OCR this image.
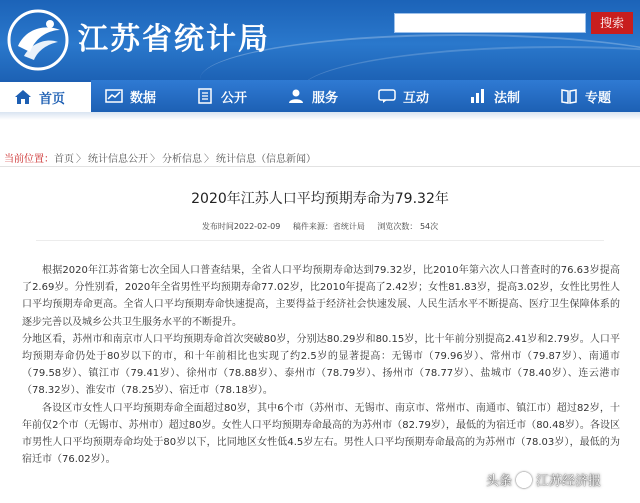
江苏省统计局	搜索
首页	数据	公开	服务	互动	法制	专题
当前位置： 首页 〉 统计信息公开 〉 分析信息 〉 统计信息（信息新闻）
2020年江苏人口平均预期寿命为79.32年
发布时间2022-02-09 稿件来源：省统计局 浏览次数： 54次

根据2020年江苏省第七次全国人口普查结果，全省人口平均预期寿命达到79.32岁，比2010年第六次人口普查时的76.63岁提高了2.69岁。分性别看，2020年全省男性平均预期寿命77.02岁，比2010年提高了2.42岁；女性81.83岁，提高3.02岁，女性比男性人口平均预期寿命更高。全省人口平均预期寿命快速提高，主要得益于经济社会快速发展、人民生活水平不断提高、医疗卫生保障体系的逐步完善以及城乡公共卫生服务水平的不断提升。

分地区看，苏州市和南京市人口平均预期寿命首次突破80岁，分别达80.29岁和80.15岁，比十年前分别提高2.41岁和2.79岁。人口平均预期寿命仍处于80岁以下的市，和十年前相比也实现了约2.5岁的显著提高：无锡市（79.96岁）、常州市（79.87岁）、南通市（79.58岁）、镇江市（79.41岁）、徐州市（78.88岁）、泰州市（78.79岁）、扬州市（78.77岁）、盐城市（78.40岁）、连云港市（78.32岁）、淮安市（78.25岁）、宿迁市（78.18岁）。

各设区市女性人口平均预期寿命全面超过80岁，其中6个市（苏州市、无锡市、南京市、常州市、南通市、镇江市）超过82岁，十年前仅2个市（无锡市、苏州市）超过80岁。女性人口平均预期寿命最高的为苏州市（82.79岁），最低的为宿迁市（80.48岁）。各设区市男性人口平均预期寿命均处于80岁以下，比同地区女性低4.5岁左右。男性人口平均预期寿命最高的为苏州市（78.03岁），最低的为宿迁市（76.02岁）。

头条 江苏经济报
